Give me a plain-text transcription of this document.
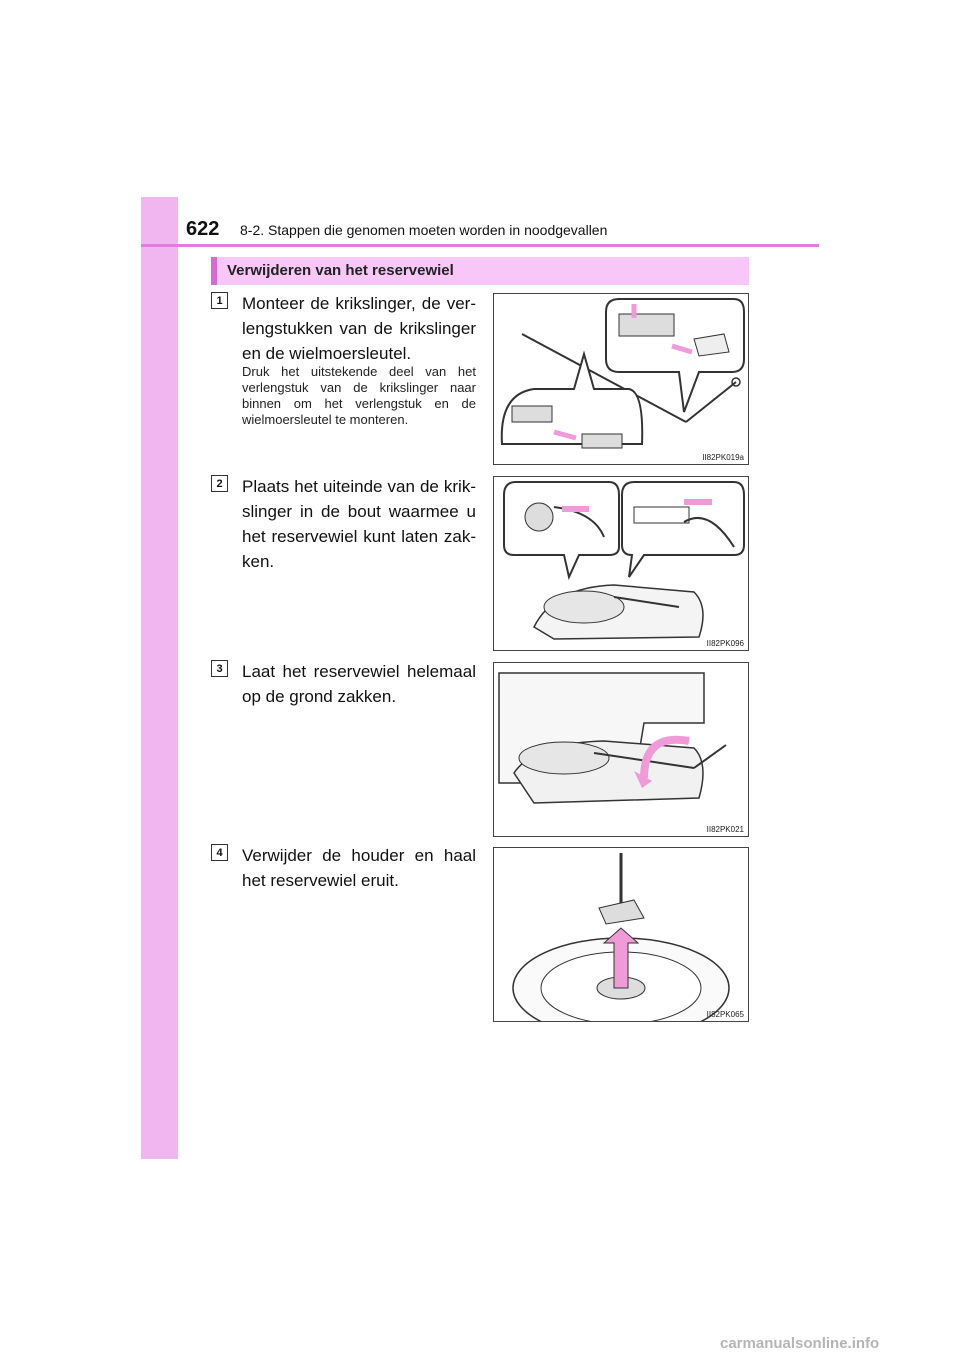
622 8-2. Stappen die genomen moeten worden in noodgevallen
Verwijderen van het reservewiel
1	Monteer de krikslinger, de ver-lengstukken van de krikslinger en de wielmoersleutel.
Druk het uitstekende deel van het verlengstuk van de krikslinger naar binnen om het verlengstuk en de wielmoersleutel te monteren.
II82PK019a
2	Plaats het uiteinde van de krik-slinger in de bout waarmee u het reservewiel kunt laten zak-ken.
II82PK096
3	Laat het reservewiel helemaal op de grond zakken.
II82PK021
4	Verwijder de houder en haal het reservewiel eruit.
II82PK065
carmanualsonline.info
